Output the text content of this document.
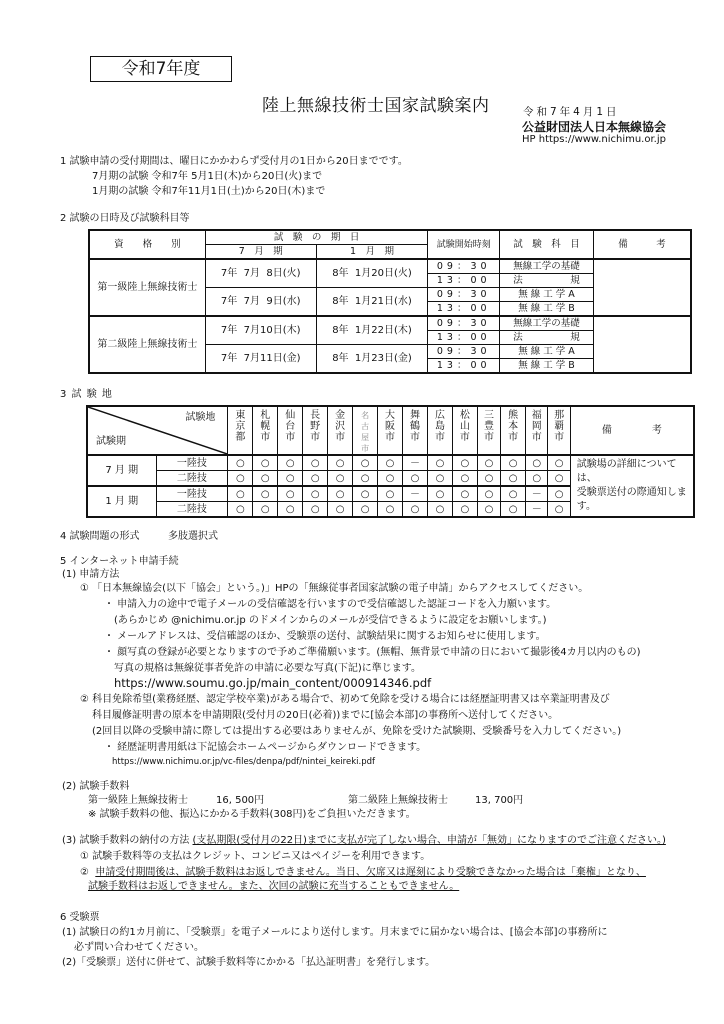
令和7年度
陸上無線技術士国家試験案内	令和7年4月1日
公益財団法人日本無線協会
HP https://www.nichimu.or.jp
1 試験申請の受付期間は、曜日にかかわらず受付月の1日から20日までです。
7月期の試験 令和7年 5月1日(木)から20日(火)まで
1月期の試験 令和7年11月1日(土)から20日(木)まで
2 試験の日時及び試験科目等
資　　格　　別	試　験　の　期　日		試験開始時刻	試　験　科　目	備　　　考
	7　月　期	1　月　期			
第一級陸上無線技術士	7年  7月  8日(火)	8年  1月20日(火)	09：30	無線工学の基礎	
			13：00	法　　　　　規	
	7年  7月  9日(水)	8年  1月21日(水)	09：30	無 線 工 学 A	
			13：00	無 線 工 学 B	
第二級陸上無線技術士	7年  7月10日(木)	8年  1月22日(木)	09：30	無線工学の基礎	
			13：00	法　　　　　規	
	7年  7月11日(金)	8年  1月23日(金)	09：30	無 線 工 学 A	
			13：00	無 線 工 学 B	
3 試 験 地
試験地
試験期		東京都	札幌市	仙台市	長野市	金沢市	名古屋市	大阪市	舞鶴市	広島市	松山市	三豊市	熊本市	福岡市	那覇市	備　　　　考
7 月 期	一陸技	○	○	○	○	○	○	○	－	○	○	○	○	○	○	試験場の詳細については、
受験票送付の際通知します。

	二陸技	○	○	○	○	○	○	○	○	○	○	○	○	○	○	
1 月 期	一陸技	○	○	○	○	○	○	○	－	○	○	○	○	－	○	
	二陸技	○	○	○	○	○	○	○	○	○	○	○	○	－	○	
4 試験問題の形式	多肢選択式
5 インターネット申請手続
(1) 申請方法
① 「日本無線協会(以下「協会」という。)」HPの「無線従事者国家試験の電子申請」からアクセスしてください。
・ 申請入力の途中で電子メールの受信確認を行いますので受信確認した認証コードを入力願います。
(あらかじめ @nichimu.or.jp のドメインからのメールが受信できるように設定をお願いします。)
・ メールアドレスは、受信確認のほか、受験票の送付、試験結果に関するお知らせに使用します。
・ 顔写真の登録が必要となりますので予めご準備願います。(無帽、無背景で申請の日において撮影後4カ月以内のもの)
写真の規格は無線従事者免許の申請に必要な写真(下記)に準じます。
https://www.soumu.go.jp/main_content/000914346.pdf
② 科目免除希望(業務経歴、認定学校卒業)がある場合で、初めて免除を受ける場合には経歴証明書又は卒業証明書及び
科目履修証明書の原本を申請期限(受付月の20日(必着))までに[協会本部]の事務所へ送付してください。
(2回目以降の受験申請に際しては提出する必要はありませんが、免除を受けた試験期、受験番号を入力してください。)
・ 経歴証明書用紙は下記協会ホームページからダウンロードできます。
https://www.nichimu.or.jp/vc-files/denpa/pdf/nintei_keireki.pdf
(2) 試験手数料
第一級陸上無線技術士	16, 500円	第二級陸上無線技術士	13, 700円
※ 試験手数料の他、振込にかかる手数料(308円)をご負担いただきます。
(3) 試験手数料の納付の方法 (支払期限(受付月の22日)までに支払が完了しない場合、申請が「無効」になりますのでご注意ください。)
① 試験手数料等の支払はクレジット、コンビニ又はペイジーを利用できます。
② 申請受付期間後は、試験手数料はお返しできません。当日、欠席又は遅刻により受験できなかった場合は「棄権」となり、
試験手数料はお返しできません。また、次回の試験に充当することもできません。
6 受験票
(1) 試験日の約1カ月前に、「受験票」を電子メールにより送付します。月末までに届かない場合は、[協会本部]の事務所に
必ず問い合わせてください。
(2)「受験票」送付に併せて、試験手数料等にかかる「払込証明書」を発行します。
